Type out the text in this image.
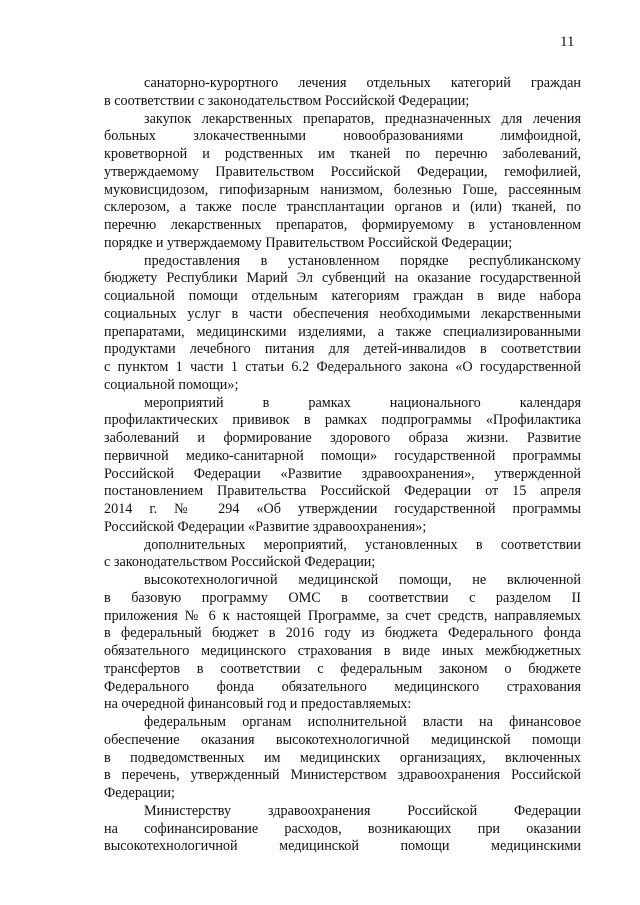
11
санаторно-курортного лечения отдельных категорий граждан
в соответствии с законодательством Российской Федерации;
закупок лекарственных препаратов, предназначенных для лечения
больных злокачественными новообразованиями лимфоидной,
кроветворной и родственных им тканей по перечню заболеваний,
утверждаемому Правительством Российской Федерации, гемофилией,
муковисцидозом, гипофизарным нанизмом, болезнью Гоше, рассеянным
склерозом, а также после трансплантации органов и (или) тканей, по
перечню лекарственных препаратов, формируемому в установленном
порядке и утверждаемому Правительством Российской Федерации;
предоставления в установленном порядке республиканскому
бюджету Республики Марий Эл субвенций на оказание государственной
социальной помощи отдельным категориям граждан в виде набора
социальных услуг в части обеспечения необходимыми лекарственными
препаратами, медицинскими изделиями, а также специализированными
продуктами лечебного питания для детей-инвалидов в соответствии
с пунктом 1 части 1 статьи 6.2 Федерального закона «О государственной
социальной помощи»;
мероприятий в рамках национального календаря
профилактических прививок в рамках подпрограммы «Профилактика
заболеваний и формирование здорового образа жизни. Развитие
первичной медико-санитарной помощи» государственной программы
Российской Федерации «Развитие здравоохранения», утвержденной
постановлением Правительства Российской Федерации от 15 апреля
2014 г. № 294 «Об утверждении государственной программы
Российской Федерации «Развитие здравоохранения»;
дополнительных мероприятий, установленных в соответствии
с законодательством Российской Федерации;
высокотехнологичной медицинской помощи, не включенной
в базовую программу ОМС в соответствии с разделом II
приложения № 6 к настоящей Программе, за счет средств, направляемых
в федеральный бюджет в 2016 году из бюджета Федерального фонда
обязательного медицинского страхования в виде иных межбюджетных
трансфертов в соответствии с федеральным законом о бюджете
Федерального фонда обязательного медицинского страхования
на очередной финансовый год и предоставляемых:
федеральным органам исполнительной власти на финансовое
обеспечение оказания высокотехнологичной медицинской помощи
в подведомственных им медицинских организациях, включенных
в перечень, утвержденный Министерством здравоохранения Российской
Федерации;
Министерству здравоохранения Российской Федерации
на софинансирование расходов, возникающих при оказании
высокотехнологичной медицинской помощи медицинскими
